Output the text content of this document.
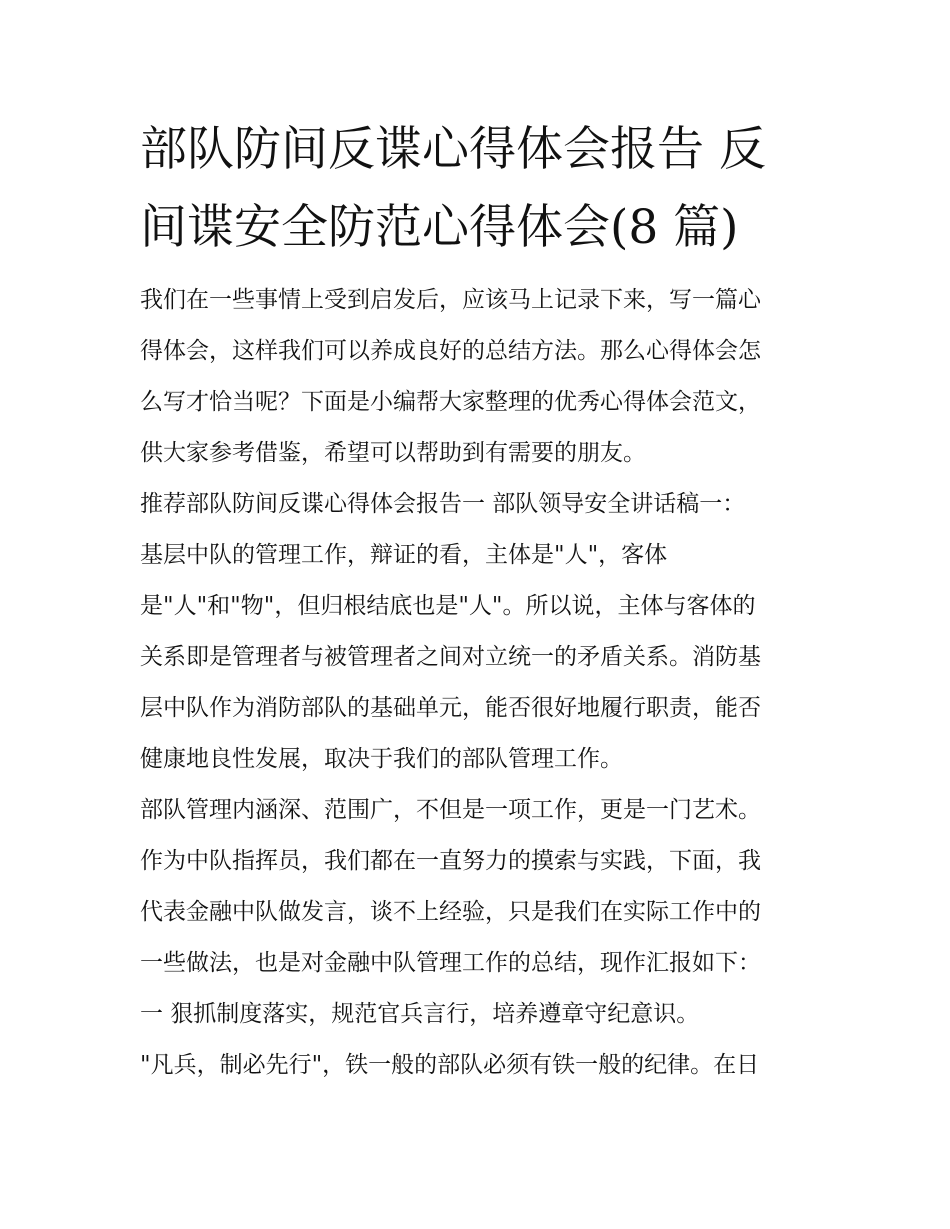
部队防间反谍心得体会报告 反
间谍安全防范心得体会(8 篇)

我们在一些事情上受到启发后，应该马上记录下来，写一篇心

得体会，这样我们可以养成良好的总结方法。那么心得体会怎

么写才恰当呢？下面是小编帮大家整理的优秀心得体会范文，

供大家参考借鉴，希望可以帮助到有需要的朋友。

推荐部队防间反谍心得体会报告一 部队领导安全讲话稿一：

基层中队的管理工作，辩证的看，主体是"人"，客体

是"人"和"物"，但归根结底也是"人"。所以说，主体与客体的

关系即是管理者与被管理者之间对立统一的矛盾关系。消防基

层中队作为消防部队的基础单元，能否很好地履行职责，能否

健康地良性发展，取决于我们的部队管理工作。

部队管理内涵深、范围广，不但是一项工作，更是一门艺术。

作为中队指挥员，我们都在一直努力的摸索与实践，下面，我

代表金融中队做发言，谈不上经验，只是我们在实际工作中的

一些做法，也是对金融中队管理工作的总结，现作汇报如下：

一 狠抓制度落实，规范官兵言行，培养遵章守纪意识。

"凡兵，制必先行"，铁一般的部队必须有铁一般的纪律。在日
